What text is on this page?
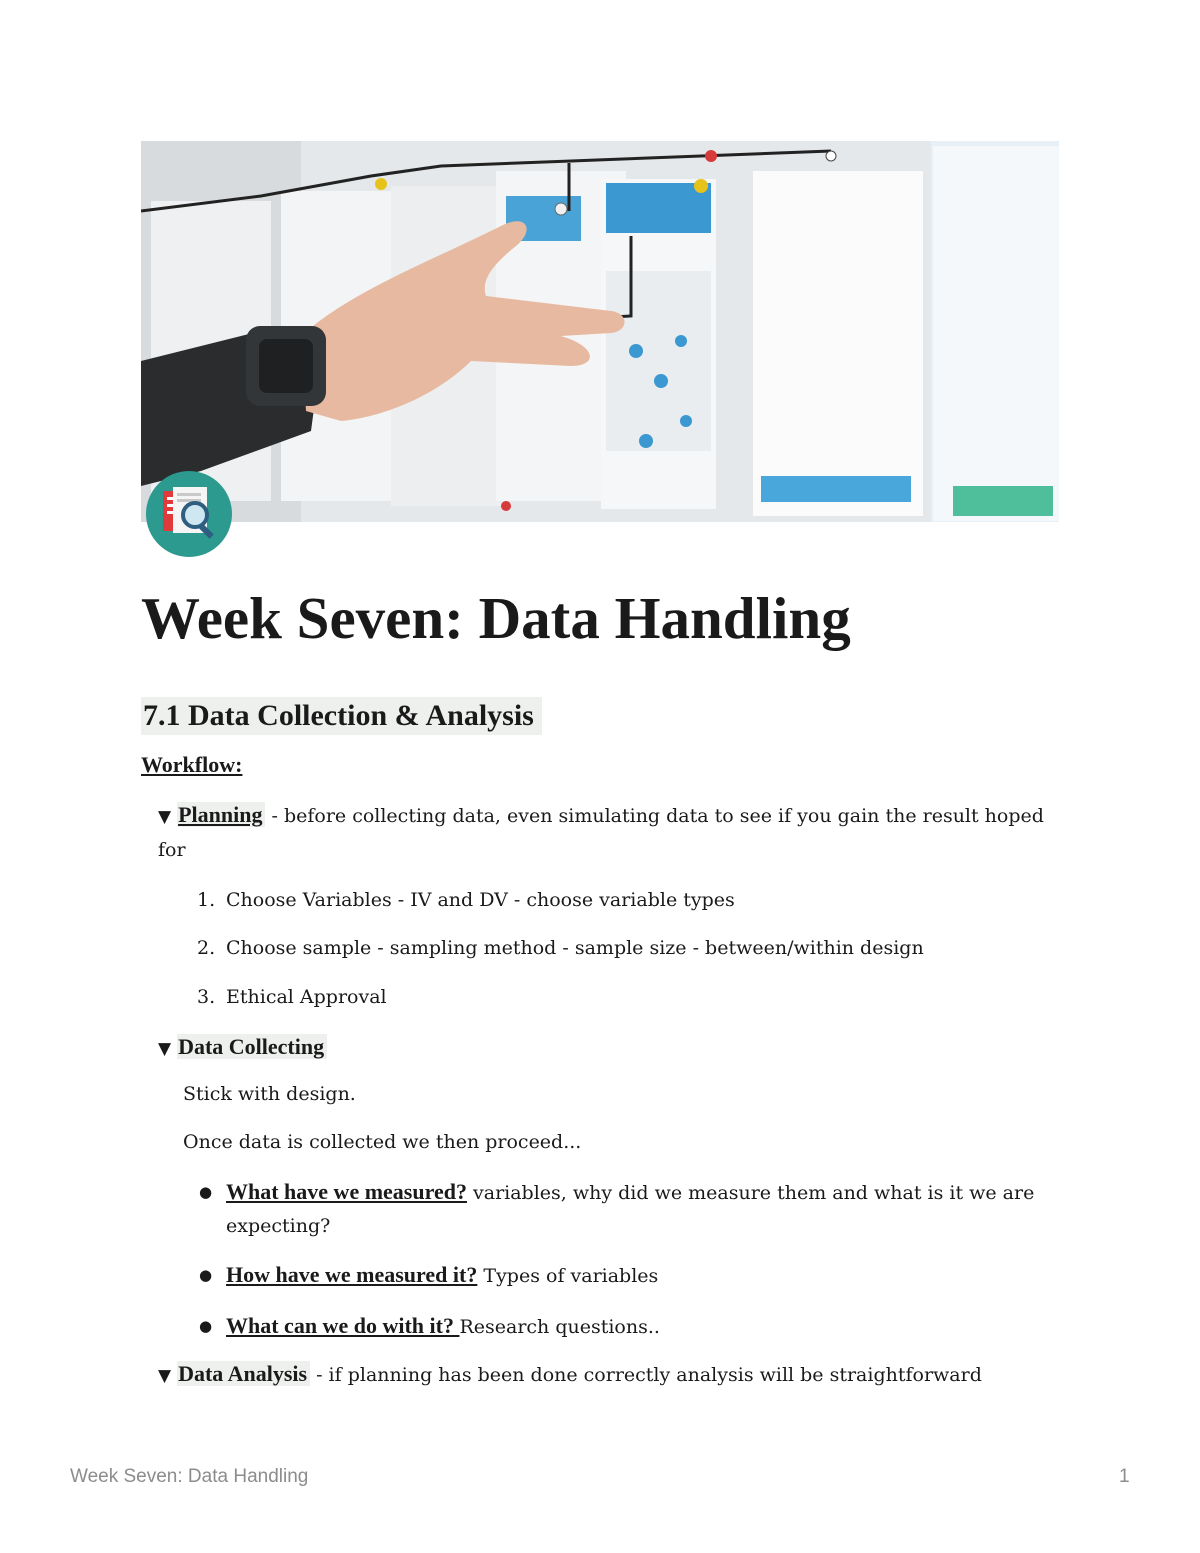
Week Seven: Data Handling
7.1 Data Collection & Analysis
Workflow:
▼ Planning - before collecting data, even simulating data to see if you gain the result hoped
for
1. Choose Variables - IV and DV - choose variable types
2. Choose sample - sampling method - sample size - between/within design
3. Ethical Approval
▼ Data Collecting
Stick with design.
Once data is collected we then proceed...
● What have we measured? variables, why did we measure them and what is it we are
expecting?
● How have we measured it? Types of variables
● What can we do with it? Research questions..
▼ Data Analysis - if planning has been done correctly analysis will be straightforward
Week Seven: Data Handling	1
